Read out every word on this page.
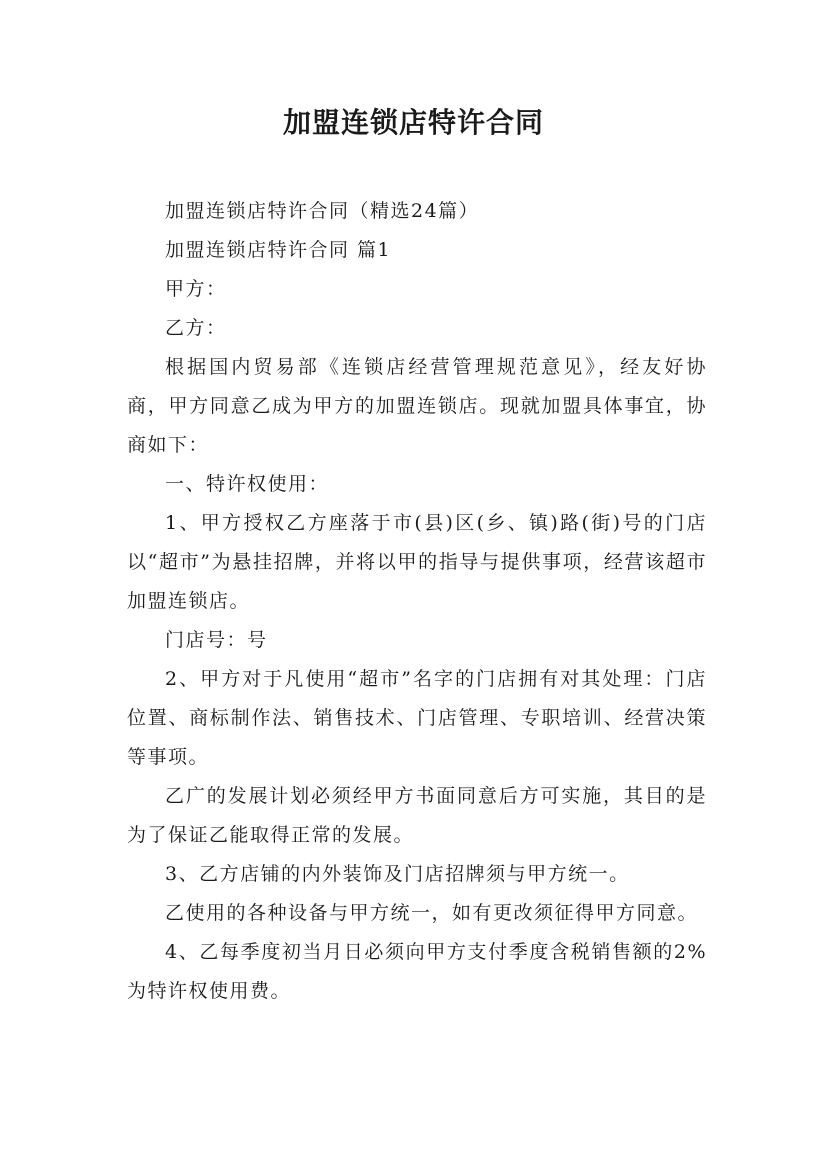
加盟连锁店特许合同

加盟连锁店特许合同（精选24篇）

加盟连锁店特许合同 篇1

甲方：

乙方：

根据国内贸易部《连锁店经营管理规范意见》，经友好协商，甲方同意乙成为甲方的加盟连锁店。现就加盟具体事宜，协商如下：

一、特许权使用：

1、甲方授权乙方座落于市(县)区(乡、镇)路(街)号的门店以“超市”为悬挂招牌，并将以甲的指导与提供事项，经营该超市加盟连锁店。

门店号：号

2、甲方对于凡使用“超市”名字的门店拥有对其处理：门店位置、商标制作法、销售技术、门店管理、专职培训、经营决策等事项。

乙广的发展计划必须经甲方书面同意后方可实施，其目的是为了保证乙能取得正常的发展。

3、乙方店铺的内外装饰及门店招牌须与甲方统一。

乙使用的各种设备与甲方统一，如有更改须征得甲方同意。

4、乙每季度初当月日必须向甲方支付季度含税销售额的2%为特许权使用费。
